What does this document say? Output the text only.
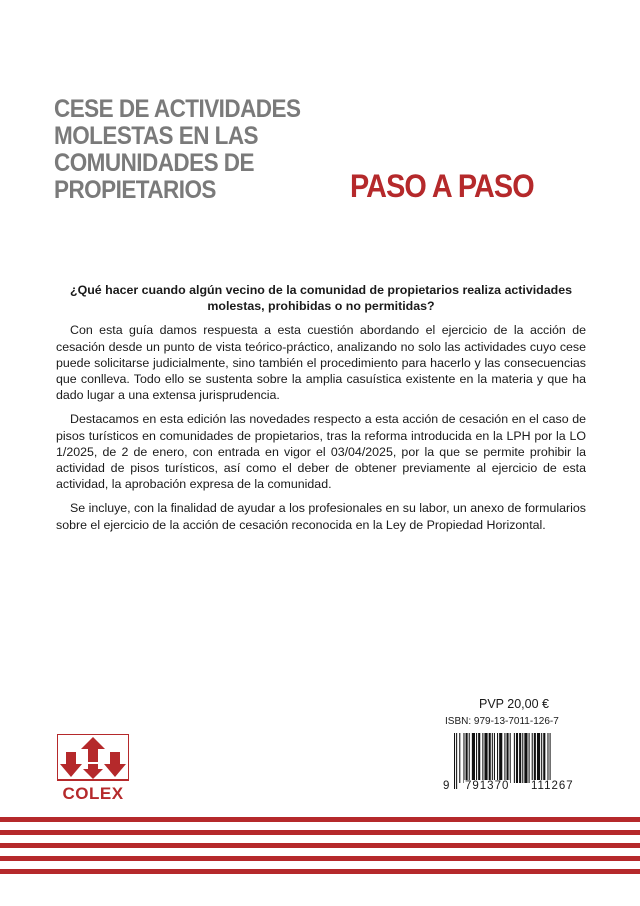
CESE DE ACTIVIDADES
MOLESTAS EN LAS
COMUNIDADES DE
PROPIETARIOS	PASO A PASO

¿Qué hacer cuando algún vecino de la comunidad de propietarios realiza actividades molestas, prohibidas o no permitidas?

Con esta guía damos respuesta a esta cuestión abordando el ejercicio de la acción de cesación desde un punto de vista teórico-práctico, analizando no solo las actividades cuyo cese puede solicitarse judicialmente, sino también el procedimiento para hacerlo y las consecuencias que conlleva. Todo ello se sustenta sobre la amplia casuística existente en la materia y que ha dado lugar a una extensa jurisprudencia.

Destacamos en esta edición las novedades respecto a esta acción de cesación en el caso de pisos turísticos en comunidades de propietarios, tras la reforma introducida en la LPH por la LO 1/2025, de 2 de enero, con entrada en vigor el 03/04/2025, por la que se permite prohibir la actividad de pisos turísticos, así como el deber de obtener previamente al ejercicio de esta actividad, la aprobación expresa de la comunidad.

Se incluye, con la finalidad de ayudar a los profesionales en su labor, un anexo de formularios sobre el ejercicio de la acción de cesación reconocida en la Ley de Propiedad Horizontal.

PVP 20,00 €
ISBN: 979-13-7011-126-7
9 791370 111267
COLEX
